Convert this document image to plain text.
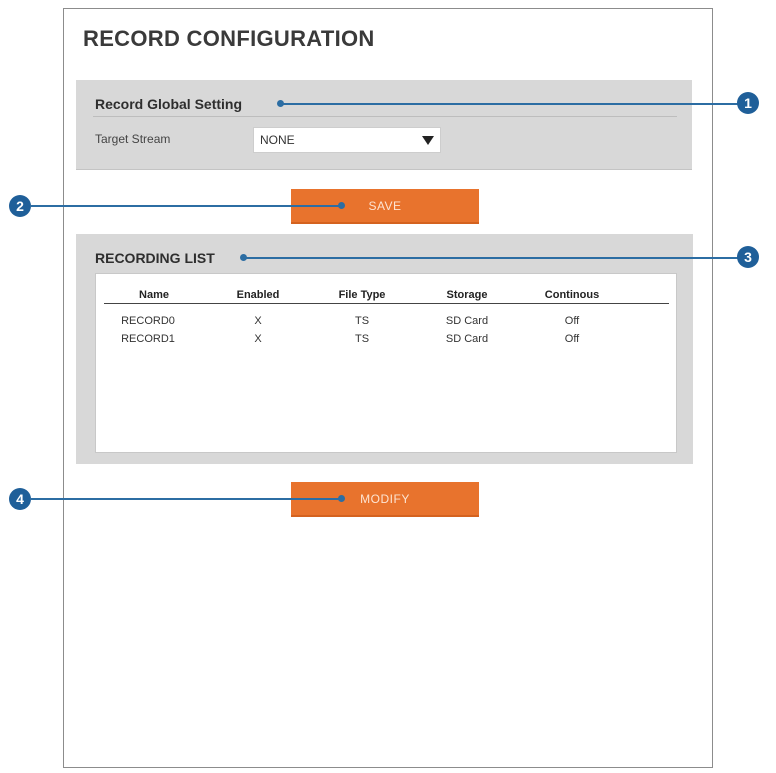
RECORD CONFIGURATION
Record Global Setting
Target Stream	NONE
SAVE
RECORDING LIST
Name	Enabled	File Type	Storage	Continous
RECORD0	X	TS	SD Card	Off
RECORD1	X	TS	SD Card	Off
MODIFY
1
2
3
4
